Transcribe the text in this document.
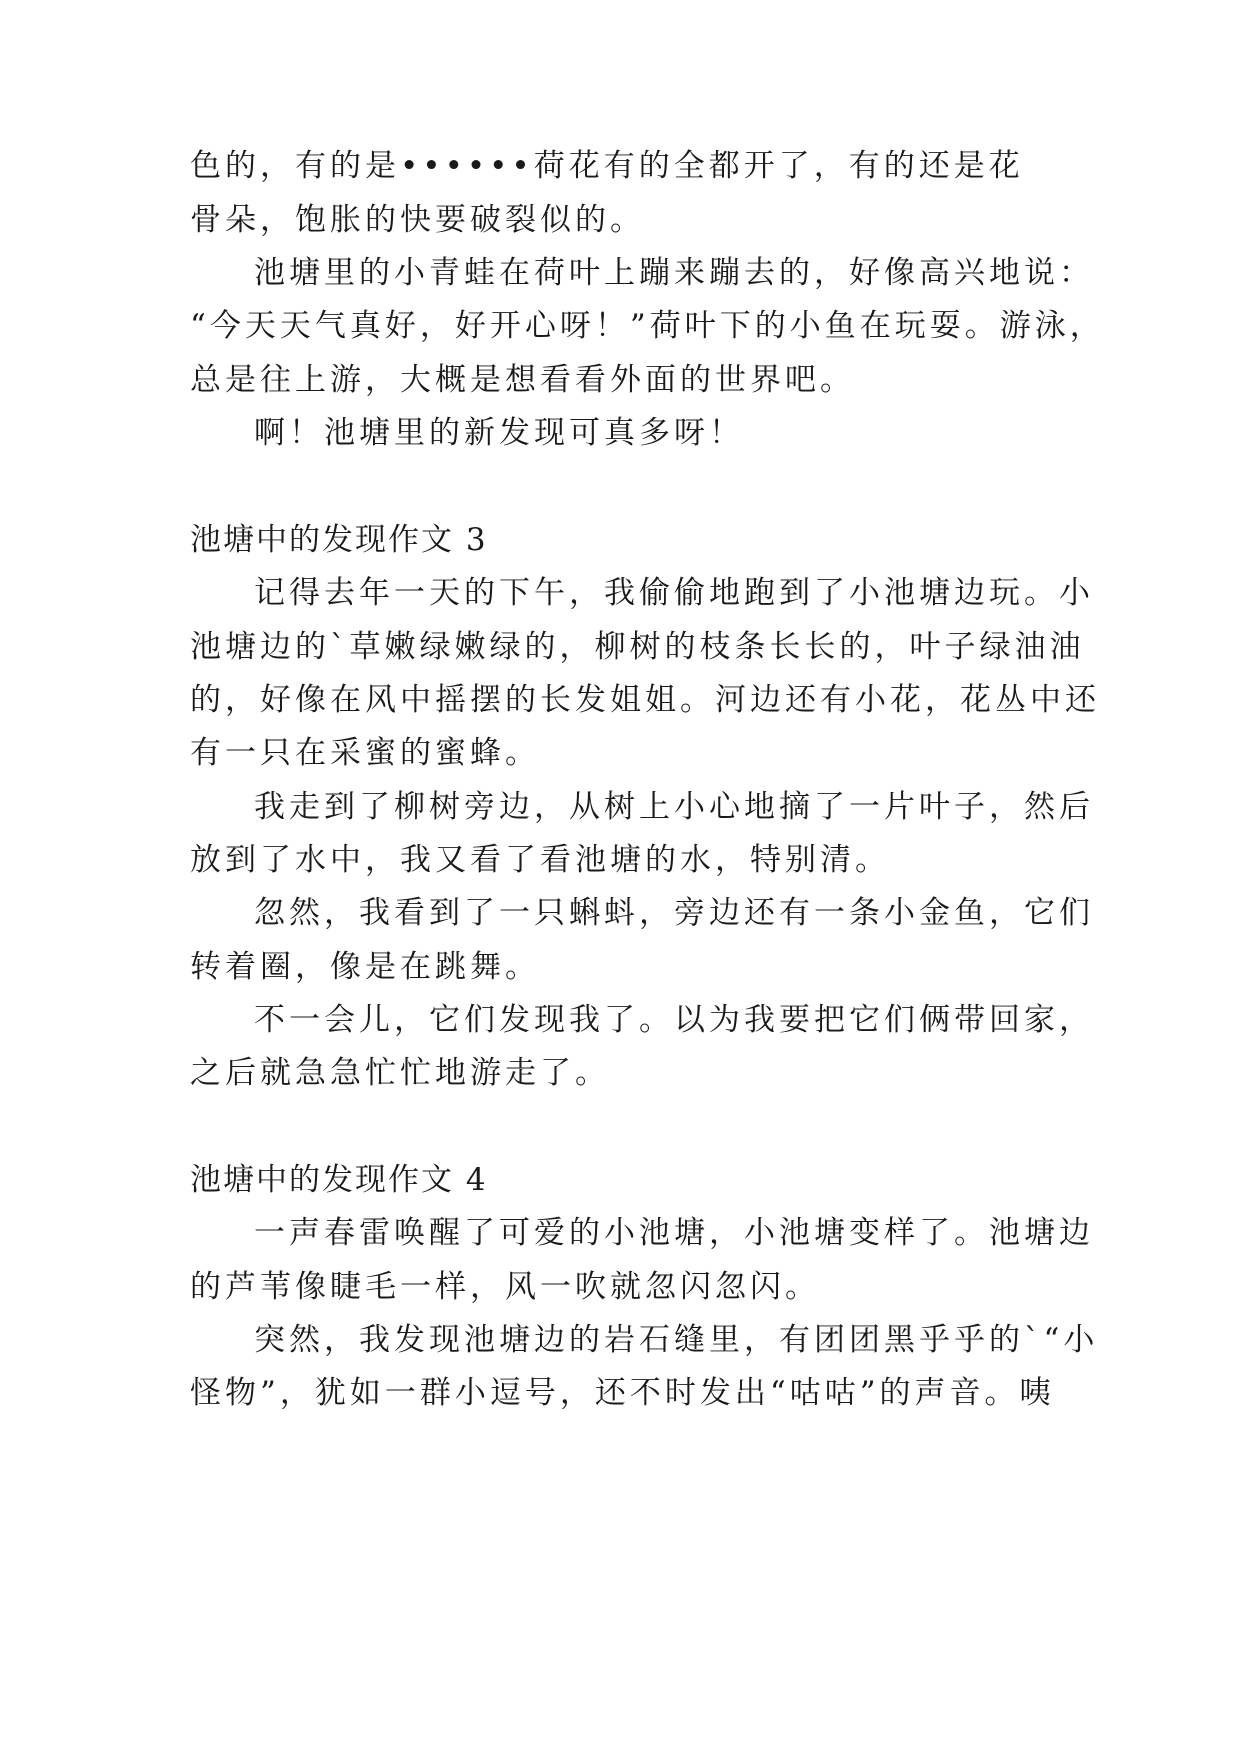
色的，有的是••••••荷花有的全都开了，有的还是花
骨朵，饱胀的快要破裂似的。
池塘里的小青蛙在荷叶上蹦来蹦去的，好像高兴地说：
“今天天气真好，好开心呀！”荷叶下的小鱼在玩耍。游泳，
总是往上游，大概是想看看外面的世界吧。
啊！池塘里的新发现可真多呀！
池塘中的发现作文 3
记得去年一天的下午，我偷偷地跑到了小池塘边玩。小
池塘边的`草嫩绿嫩绿的，柳树的枝条长长的，叶子绿油油
的，好像在风中摇摆的长发姐姐。河边还有小花，花丛中还
有一只在采蜜的蜜蜂。
我走到了柳树旁边，从树上小心地摘了一片叶子，然后
放到了水中，我又看了看池塘的水，特别清。
忽然，我看到了一只蝌蚪，旁边还有一条小金鱼，它们
转着圈，像是在跳舞。
不一会儿，它们发现我了。以为我要把它们俩带回家，
之后就急急忙忙地游走了。
池塘中的发现作文 4
一声春雷唤醒了可爱的小池塘，小池塘变样了。池塘边
的芦苇像睫毛一样，风一吹就忽闪忽闪。
突然，我发现池塘边的岩石缝里，有团团黑乎乎的`“小
怪物”，犹如一群小逗号，还不时发出“咕咕”的声音。咦
